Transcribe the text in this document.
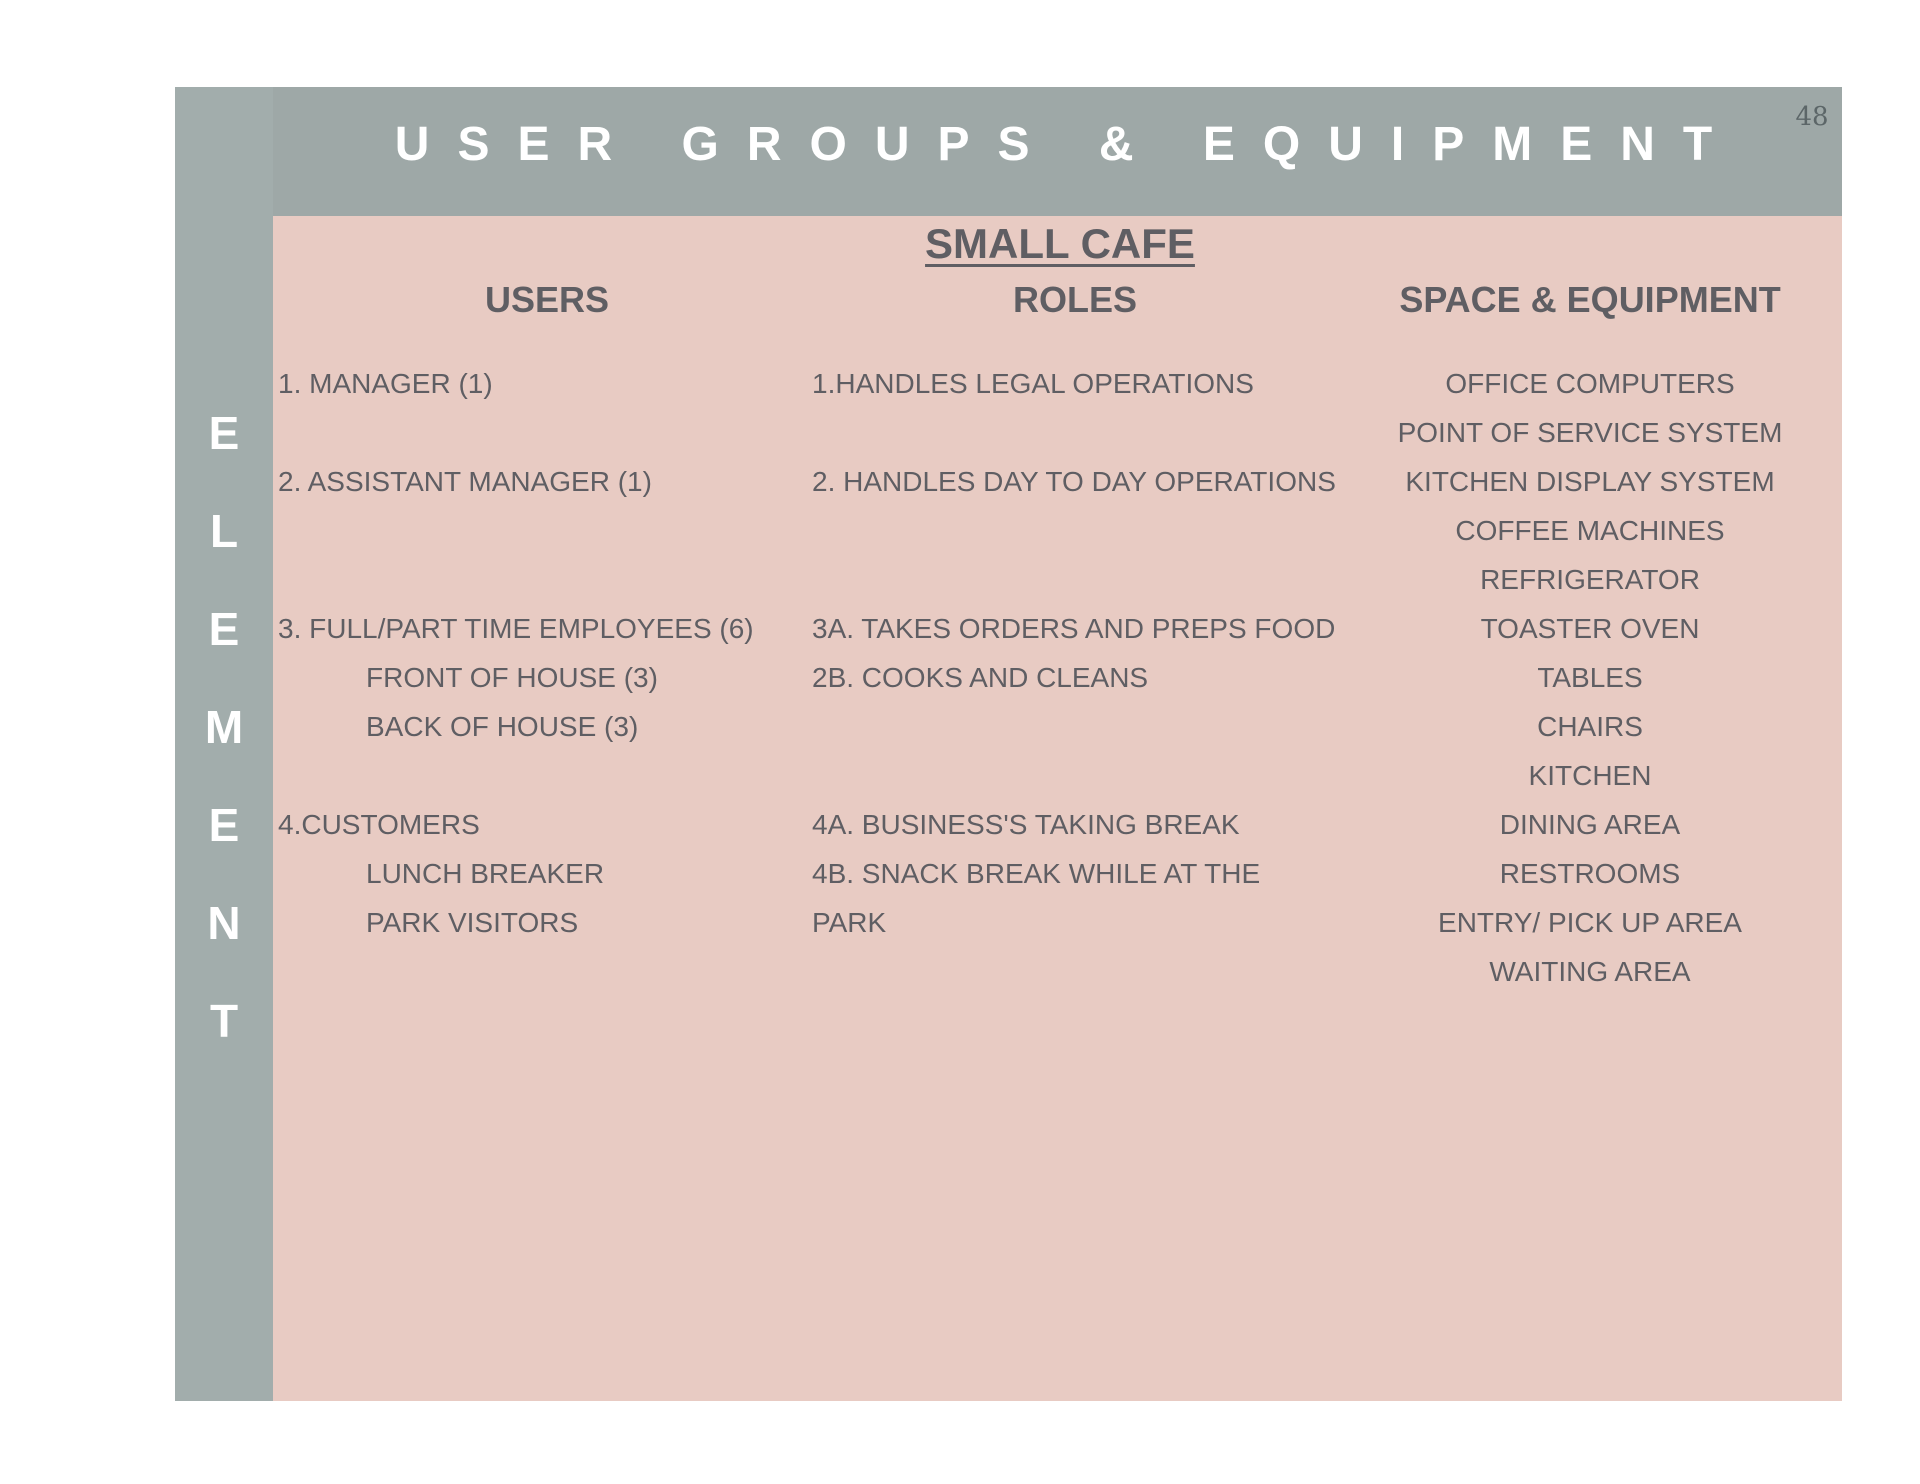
USER GROUPS & EQUIPMENT
48
E
L
E
M
E
N
T
SMALL CAFE
USERS	ROLES	SPACE & EQUIPMENT
1. MANAGER (1)
2. ASSISTANT MANAGER (1)
3. FULL/PART TIME EMPLOYEES (6)
FRONT OF HOUSE (3)
BACK OF HOUSE (3)
4.CUSTOMERS
LUNCH BREAKER
PARK VISITORS
1.HANDLES LEGAL OPERATIONS
2. HANDLES DAY TO DAY OPERATIONS
3A. TAKES ORDERS AND PREPS FOOD
2B. COOKS AND CLEANS
4A. BUSINESS'S TAKING BREAK
4B. SNACK BREAK WHILE AT THE
PARK
OFFICE COMPUTERS
POINT OF SERVICE SYSTEM
KITCHEN DISPLAY SYSTEM
COFFEE MACHINES
REFRIGERATOR
TOASTER OVEN
TABLES
CHAIRS
KITCHEN
DINING AREA
RESTROOMS
ENTRY/ PICK UP AREA
WAITING AREA
